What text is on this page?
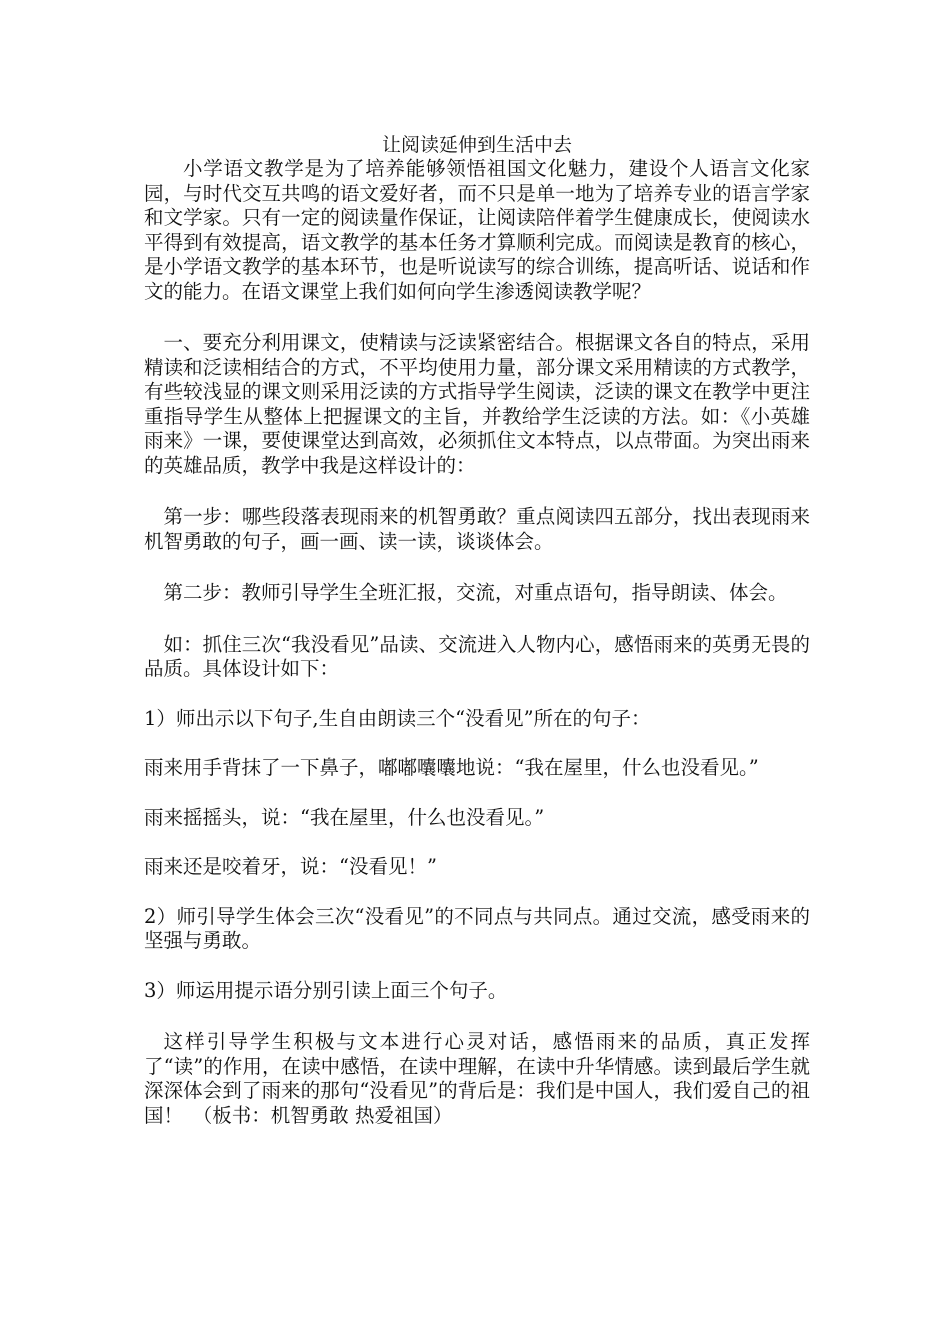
让阅读延伸到生活中去

小学语文教学是为了培养能够领悟祖国文化魅力，建设个人语言文化家园，与时代交互共鸣的语文爱好者，而不只是单一地为了培养专业的语言学家和文学家。只有一定的阅读量作保证，让阅读陪伴着学生健康成长，使阅读水平得到有效提高，语文教学的基本任务才算顺利完成。而阅读是教育的核心，是小学语文教学的基本环节，也是听说读写的综合训练，提高听话、说话和作文的能力。在语文课堂上我们如何向学生渗透阅读教学呢？

一、要充分利用课文，使精读与泛读紧密结合。根据课文各自的特点，采用精读和泛读相结合的方式，不平均使用力量，部分课文采用精读的方式教学，有些较浅显的课文则采用泛读的方式指导学生阅读，泛读的课文在教学中更注重指导学生从整体上把握课文的主旨，并教给学生泛读的方法。如：《小英雄雨来》一课，要使课堂达到高效，必须抓住文本特点，以点带面。为突出雨来的英雄品质，教学中我是这样设计的：

第一步：哪些段落表现雨来的机智勇敢？重点阅读四五部分，找出表现雨来机智勇敢的句子，画一画、读一读，谈谈体会。

第二步：教师引导学生全班汇报，交流，对重点语句，指导朗读、体会。

如：抓住三次“我没看见”品读、交流进入人物内心，感悟雨来的英勇无畏的品质。具体设计如下：

1）师出示以下句子,生自由朗读三个“没看见”所在的句子：

雨来用手背抹了一下鼻子，嘟嘟囔囔地说：“我在屋里，什么也没看见。”

雨来摇摇头，说：“我在屋里，什么也没看见。”

雨来还是咬着牙，说：“没看见！”

2）师引导学生体会三次“没看见”的不同点与共同点。通过交流，感受雨来的坚强与勇敢。

3）师运用提示语分别引读上面三个句子。

这样引导学生积极与文本进行心灵对话，感悟雨来的品质，真正发挥了“读”的作用，在读中感悟，在读中理解，在读中升华情感。读到最后学生就深深体会到了雨来的那句“没看见”的背后是：我们是中国人，我们爱自己的祖国！　（板书：机智勇敢 热爱祖国）
